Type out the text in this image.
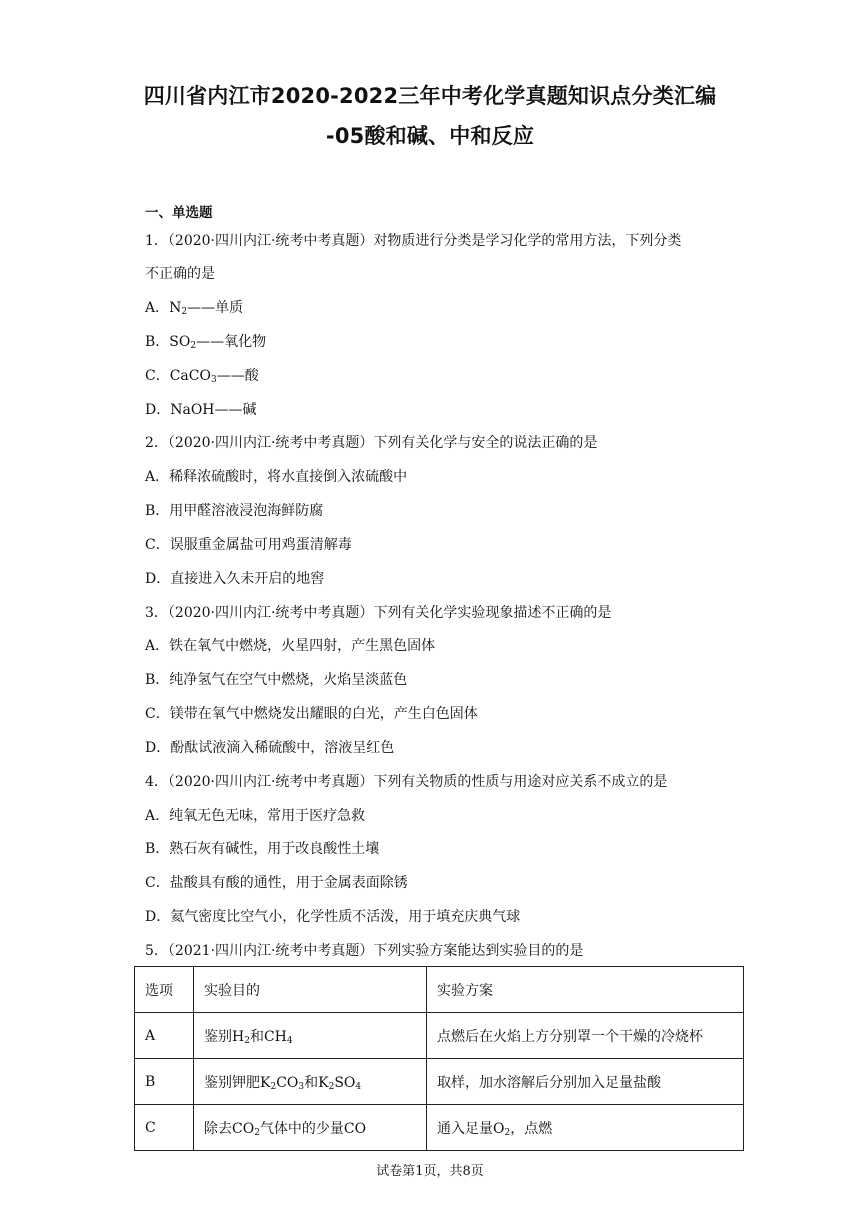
四川省内江市2020-2022三年中考化学真题知识点分类汇编
-05酸和碱、中和反应
一、单选题
1．（2020·四川内江·统考中考真题）对物质进行分类是学习化学的常用方法，下列分类
不正确的是
A．$N_2——$单质
B．$SO_2——$氧化物
C．CaCO$_3$——酸
D．NaOH——碱
2．（2020·四川内江·统考中考真题）下列有关化学与安全的说法正确的是
A．稀释浓硫酸时，将水直接倒入浓硫酸中
B．用甲醛溶液浸泡海鲜防腐
C．误服重金属盐可用鸡蛋清解毒
D．直接进入久未开启的地窖
3．（2020·四川内江·统考中考真题）下列有关化学实验现象描述不正确的是
A．铁在氧气中燃烧，火星四射，产生黑色固体
B．纯净氢气在空气中燃烧，火焰呈淡蓝色
C．镁带在氧气中燃烧发出耀眼的白光，产生白色固体
D．酚酞试液滴入稀硫酸中，溶液呈红色
4．（2020·四川内江·统考中考真题）下列有关物质的性质与用途对应关系不成立的是
A．纯氧无色无味，常用于医疗急救
B．熟石灰有碱性，用于改良酸性土壤
C．盐酸具有酸的通性，用于金属表面除锈
D．氦气密度比空气小，化学性质不活泼，用于填充庆典气球
5．（2021·四川内江·统考中考真题）下列实验方案能达到实验目的的是
选项	实验目的	实验方案
A	鉴别$H_2$和$CH_4$	点燃后在火焰上方分别罩一个干燥的冷烧杯
B	鉴别钾肥$K_2CO_3$和$K_2SO_4$	取样，加水溶解后分别加入足量盐酸
C	除去$CO_2$气体中的少量CO	通入足量$O_2$，点燃
试卷第1页，共8页
